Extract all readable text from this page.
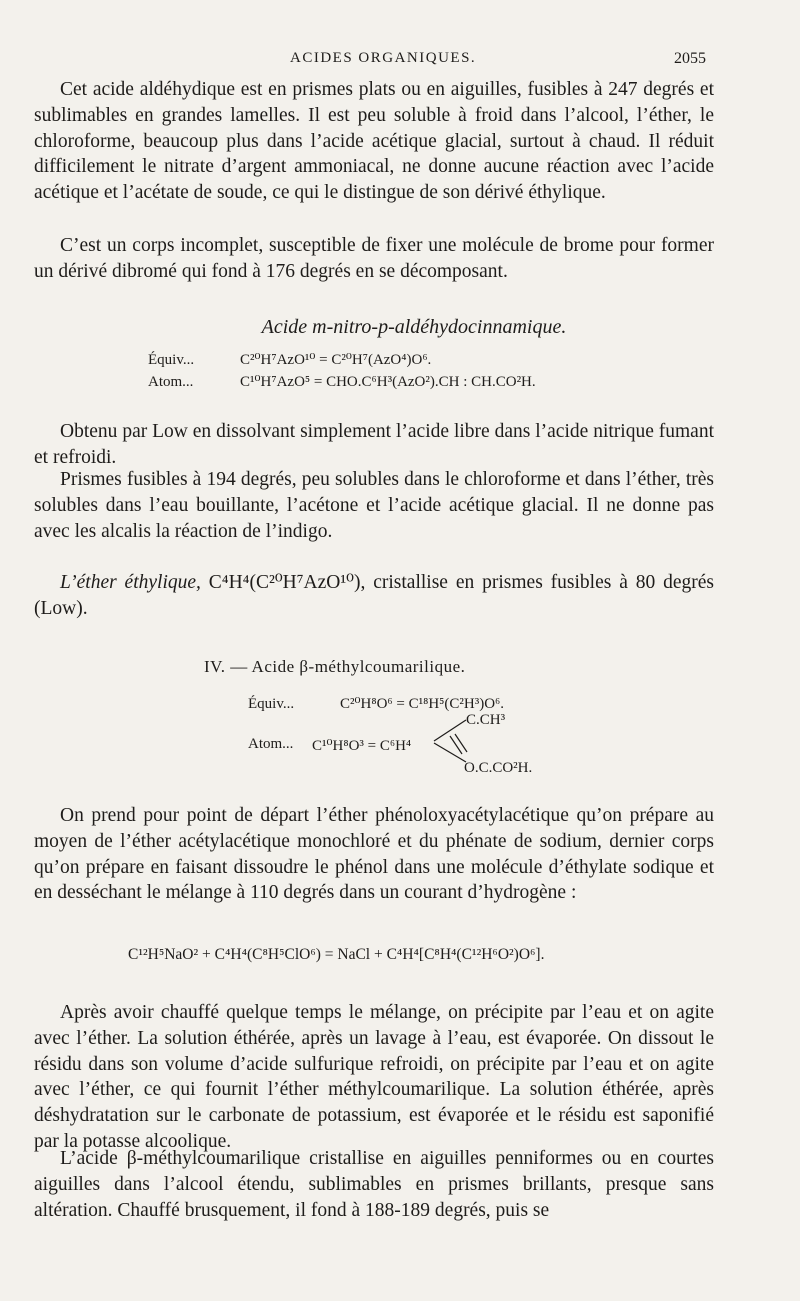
ACIDES ORGANIQUES.	2055

Cet acide aldéhydique est en prismes plats ou en aiguilles, fusibles à 247 degrés et sublimables en grandes lamelles. Il est peu soluble à froid dans l’alcool, l’éther, le chloroforme, beaucoup plus dans l’acide acétique glacial, surtout à chaud. Il réduit difficilement le nitrate d’argent ammoniacal, ne donne aucune réaction avec l’acide acétique et l’acétate de soude, ce qui le distingue de son dérivé éthylique.

C’est un corps incomplet, susceptible de fixer une molécule de brome pour former un dérivé dibromé qui fond à 176 degrés en se décomposant.

Acide m-nitro-p-aldéhydocinnamique.
Équiv...	C²⁰H⁷AzO¹⁰ = C²⁰H⁷(AzO⁴)O⁶.
Atom...	C¹⁰H⁷AzO⁵ = CHO.C⁶H³(AzO²).CH : CH.CO²H.

Obtenu par Low en dissolvant simplement l’acide libre dans l’acide nitrique fumant et refroidi.

Prismes fusibles à 194 degrés, peu solubles dans le chloroforme et dans l’éther, très solubles dans l’eau bouillante, l’acétone et l’acide acétique glacial. Il ne donne pas avec les alcalis la réaction de l’indigo.

L’éther éthylique, C⁴H⁴(C²⁰H⁷AzO¹⁰), cristallise en prismes fusibles à 80 degrés (Low).

IV. — Acide β-méthylcoumarilique.
Équiv...	C²⁰H⁸O⁶ = C¹⁸H⁵(C²H³)O⁶.
Atom... C¹⁰H⁸O³ = C⁶H⁴
C.CH³
O.C.CO²H.

On prend pour point de départ l’éther phénoloxyacétylacétique qu’on prépare au moyen de l’éther acétylacétique monochloré et du phénate de sodium, dernier corps qu’on prépare en faisant dissoudre le phénol dans une molécule d’éthylate sodique et en desséchant le mélange à 110 degrés dans un courant d’hydrogène :

C¹²H⁵NaO² + C⁴H⁴(C⁸H⁵ClO⁶) = NaCl + C⁴H⁴[C⁸H⁴(C¹²H⁶O²)O⁶].

Après avoir chauffé quelque temps le mélange, on précipite par l’eau et on agite avec l’éther. La solution éthérée, après un lavage à l’eau, est évaporée. On dissout le résidu dans son volume d’acide sulfurique refroidi, on précipite par l’eau et on agite avec l’éther, ce qui fournit l’éther méthylcoumarilique. La solution éthérée, après déshydratation sur le carbonate de potassium, est évaporée et le résidu est saponifié par la potasse alcoolique.

L’acide β-méthylcoumarilique cristallise en aiguilles penniformes ou en courtes aiguilles dans l’alcool étendu, sublimables en prismes brillants, presque sans altération. Chauffé brusquement, il fond à 188-189 degrés, puis se
